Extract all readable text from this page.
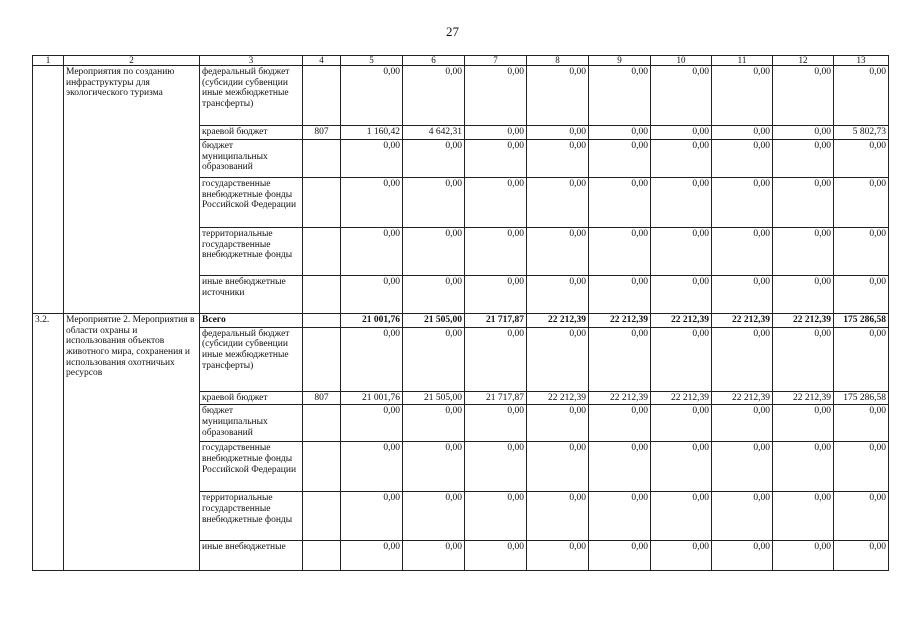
27
1	2	3	4	5	6	7	8	9	10	11	12	13
	Мероприятия по созданию инфраструктуры для экологического туризма	федеральный бюджет (субсидии субвенции иные межбюджетные трансферты)		0,00	0,00	0,00	0,00	0,00	0,00	0,00	0,00	0,00
		краевой бюджет	807	1 160,42	4 642,31	0,00	0,00	0,00	0,00	0,00	0,00	5 802,73
		бюджет муниципальных образований		0,00	0,00	0,00	0,00	0,00	0,00	0,00	0,00	0,00
		государственные внебюджетные фонды Российской Федерации		0,00	0,00	0,00	0,00	0,00	0,00	0,00	0,00	0,00
		территориальные государственные внебюджетные фонды		0,00	0,00	0,00	0,00	0,00	0,00	0,00	0,00	0,00
		иные внебюджетные источники		0,00	0,00	0,00	0,00	0,00	0,00	0,00	0,00	0,00
3.2.	Мероприятие 2. Мероприятия в области охраны и использования объектов животного мира, сохранения и использования охотничьих ресурсов	Всего		21 001,76	21 505,00	21 717,87	22 212,39	22 212,39	22 212,39	22 212,39	22 212,39	175 286,58
		федеральный бюджет (субсидии субвенции иные межбюджетные трансферты)		0,00	0,00	0,00	0,00	0,00	0,00	0,00	0,00	0,00
		краевой бюджет	807	21 001,76	21 505,00	21 717,87	22 212,39	22 212,39	22 212,39	22 212,39	22 212,39	175 286,58
		бюджет муниципальных образований		0,00	0,00	0,00	0,00	0,00	0,00	0,00	0,00	0,00
		государственные внебюджетные фонды Российской Федерации		0,00	0,00	0,00	0,00	0,00	0,00	0,00	0,00	0,00
		территориальные государственные внебюджетные фонды		0,00	0,00	0,00	0,00	0,00	0,00	0,00	0,00	0,00
		иные внебюджетные		0,00	0,00	0,00	0,00	0,00	0,00	0,00	0,00	0,00
